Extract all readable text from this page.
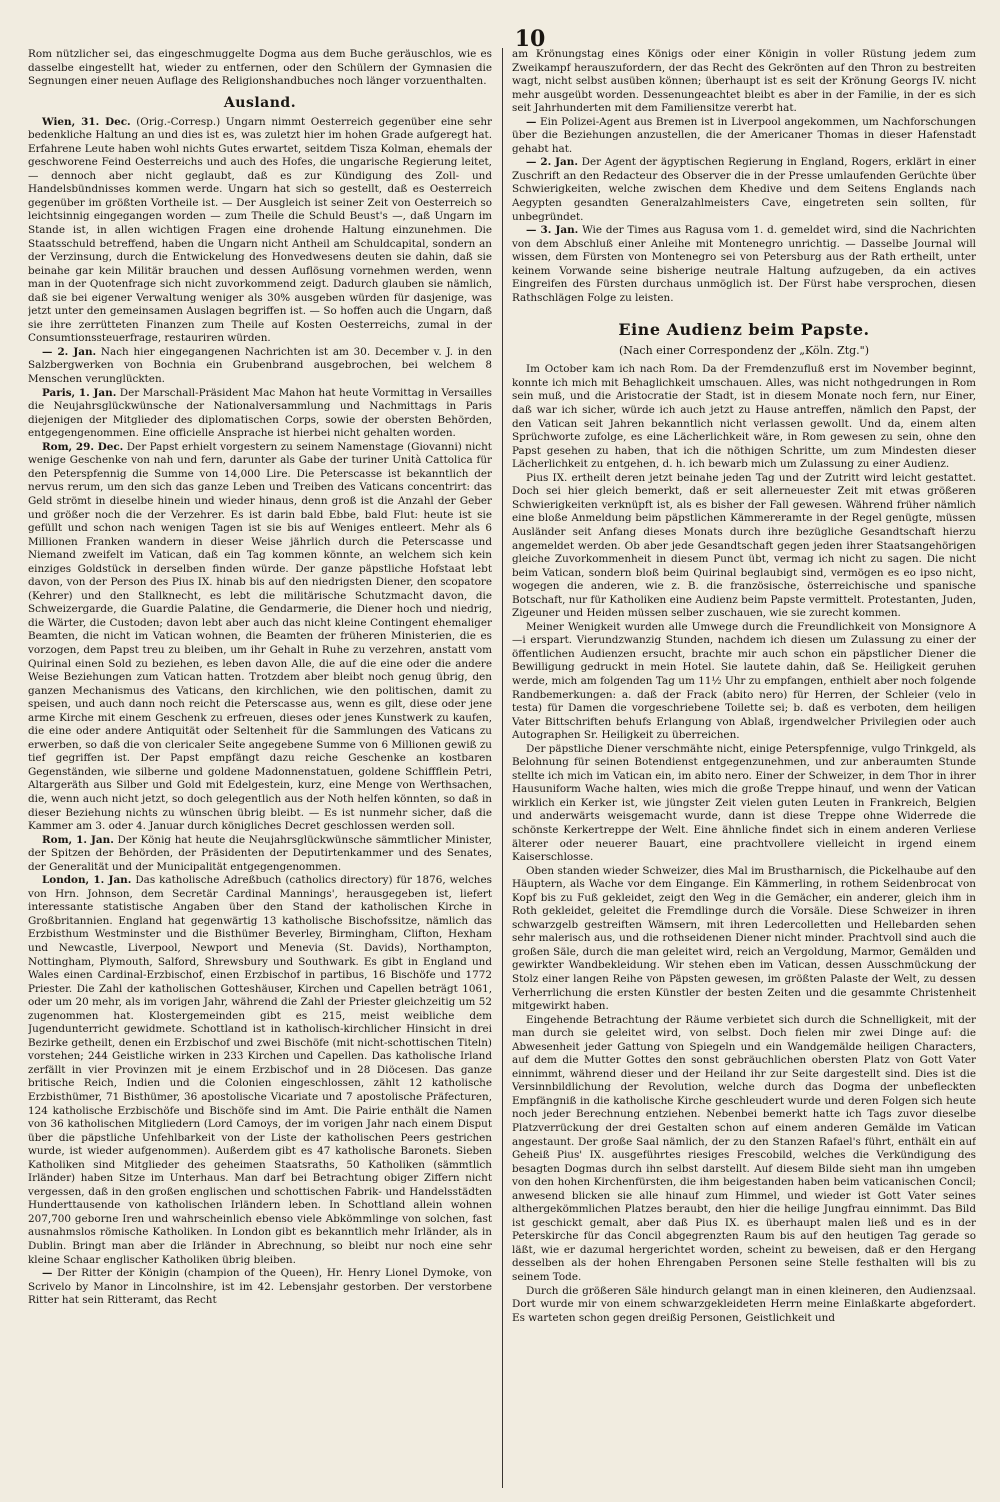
10

Rom nützlicher sei, das eingeschmuggelte Dogma aus dem Buche geräuschlos, wie es dasselbe eingestellt hat, wieder zu entfernen, oder den Schülern der Gymnasien die Segnungen einer neuen Auflage des Religionshandbuches noch länger vorzuenthalten.

Ausland.

Wien, 31. Dec. (Orig.-Corresp.) Ungarn nimmt Oesterreich gegenüber eine sehr bedenkliche Haltung an und dies ist es, was zuletzt hier im hohen Grade aufgeregt hat. Erfahrene Leute haben wohl nichts Gutes erwartet, seitdem Tisza Kolman, ehemals der geschworene Feind Oesterreichs und auch des Hofes, die ungarische Regierung leitet, — dennoch aber nicht geglaubt, daß es zur Kündigung des Zoll- und Handelsbündnisses kommen werde. Ungarn hat sich so gestellt, daß es Oesterreich gegenüber im größten Vortheile ist. — Der Ausgleich ist seiner Zeit von Oesterreich so leichtsinnig eingegangen worden — zum Theile die Schuld Beust's —, daß Ungarn im Stande ist, in allen wichtigen Fragen eine drohende Haltung einzunehmen. Die Staatsschuld betreffend, haben die Ungarn nicht Antheil am Schuldcapital, sondern an der Verzinsung, durch die Entwickelung des Honvedwesens deuten sie dahin, daß sie beinahe gar kein Militär brauchen und dessen Auflösung vornehmen werden, wenn man in der Quotenfrage sich nicht zuvorkommend zeigt. Dadurch glauben sie nämlich, daß sie bei eigener Verwaltung weniger als 30% ausgeben würden für dasjenige, was jetzt unter den gemeinsamen Auslagen begriffen ist. — So hoffen auch die Ungarn, daß sie ihre zerrütteten Finanzen zum Theile auf Kosten Oesterreichs, zumal in der Consumtionssteuerfrage, restauriren würden.

— 2. Jan. Nach hier eingegangenen Nachrichten ist am 30. December v. J. in den Salzbergwerken von Bochnia ein Grubenbrand ausgebrochen, bei welchem 8 Menschen verunglückten.

Paris, 1. Jan. Der Marschall-Präsident Mac Mahon hat heute Vormittag in Versailles die Neujahrsglückwünsche der Nationalversammlung und Nachmittags in Paris diejenigen der Mitglieder des diplomatischen Corps, sowie der obersten Behörden, entgegengenommen. Eine officielle Ansprache ist hierbei nicht gehalten worden.

Rom, 29. Dec. Der Papst erhielt vorgestern zu seinem Namenstage (Giovanni) nicht wenige Geschenke von nah und fern, darunter als Gabe der turiner Unità Cattolica für den Peterspfennig die Summe von 14,000 Lire. Die Peterscasse ist bekanntlich der nervus rerum, um den sich das ganze Leben und Treiben des Vaticans concentrirt: das Geld strömt in dieselbe hinein und wieder hinaus, denn groß ist die Anzahl der Geber und größer noch die der Verzehrer. Es ist darin bald Ebbe, bald Flut: heute ist sie gefüllt und schon nach wenigen Tagen ist sie bis auf Weniges entleert. Mehr als 6 Millionen Franken wandern in dieser Weise jährlich durch die Peterscasse und Niemand zweifelt im Vatican, daß ein Tag kommen könnte, an welchem sich kein einziges Goldstück in derselben finden würde. Der ganze päpstliche Hofstaat lebt davon, von der Person des Pius IX. hinab bis auf den niedrigsten Diener, den scopatore (Kehrer) und den Stallknecht, es lebt die militärische Schutzmacht davon, die Schweizergarde, die Guardie Palatine, die Gendarmerie, die Diener hoch und niedrig, die Wärter, die Custoden; davon lebt aber auch das nicht kleine Contingent ehemaliger Beamten, die nicht im Vatican wohnen, die Beamten der früheren Ministerien, die es vorzogen, dem Papst treu zu bleiben, um ihr Gehalt in Ruhe zu verzehren, anstatt vom Quirinal einen Sold zu beziehen, es leben davon Alle, die auf die eine oder die andere Weise Beziehungen zum Vatican hatten. Trotzdem aber bleibt noch genug übrig, den ganzen Mechanismus des Vaticans, den kirchlichen, wie den politischen, damit zu speisen, und auch dann noch reicht die Peterscasse aus, wenn es gilt, diese oder jene arme Kirche mit einem Geschenk zu erfreuen, dieses oder jenes Kunstwerk zu kaufen, die eine oder andere Antiquität oder Seltenheit für die Sammlungen des Vaticans zu erwerben, so daß die von clericaler Seite angegebene Summe von 6 Millionen gewiß zu tief gegriffen ist. Der Papst empfängt dazu reiche Geschenke an kostbaren Gegenständen, wie silberne und goldene Madonnenstatuen, goldene Schiffflein Petri, Altargeräth aus Silber und Gold mit Edelgestein, kurz, eine Menge von Werthsachen, die, wenn auch nicht jetzt, so doch gelegentlich aus der Noth helfen könnten, so daß in dieser Beziehung nichts zu wünschen übrig bleibt. — Es ist nunmehr sicher, daß die Kammer am 3. oder 4. Januar durch königliches Decret geschlossen werden soll.

Rom, 1. Jan. Der König hat heute die Neujahrsglückwünsche sämmtlicher Minister, der Spitzen der Behörden, der Präsidenten der Deputirtenkammer und des Senates, der Generalität und der Municipalität entgegengenommen.

London, 1. Jan. Das katholische Adreßbuch (catholics directory) für 1876, welches von Hrn. Johnson, dem Secretär Cardinal Mannings', herausgegeben ist, liefert interessante statistische Angaben über den Stand der katholischen Kirche in Großbritannien. England hat gegenwärtig 13 katholische Bischofssitze, nämlich das Erzbisthum Westminster und die Bisthümer Beverley, Birmingham, Clifton, Hexham und Newcastle, Liverpool, Newport und Menevia (St. Davids), Northampton, Nottingham, Plymouth, Salford, Shrewsbury und Southwark. Es gibt in England und Wales einen Cardinal-Erzbischof, einen Erzbischof in partibus, 16 Bischöfe und 1772 Priester. Die Zahl der katholischen Gotteshäuser, Kirchen und Capellen beträgt 1061, oder um 20 mehr, als im vorigen Jahr, während die Zahl der Priester gleichzeitig um 52 zugenommen hat. Klostergemeinden gibt es 215, meist weibliche dem Jugendunterricht gewidmete. Schottland ist in katholisch-kirchlicher Hinsicht in drei Bezirke getheilt, denen ein Erzbischof und zwei Bischöfe (mit nicht-schottischen Titeln) vorstehen; 244 Geistliche wirken in 233 Kirchen und Capellen. Das katholische Irland zerfällt in vier Provinzen mit je einem Erzbischof und in 28 Diöcesen. Das ganze britische Reich, Indien und die Colonien eingeschlossen, zählt 12 katholische Erzbisthümer, 71 Bisthümer, 36 apostolische Vicariate und 7 apostolische Präfecturen, 124 katholische Erzbischöfe und Bischöfe sind im Amt. Die Pairie enthält die Namen von 36 katholischen Mitgliedern (Lord Camoys, der im vorigen Jahr nach einem Disput über die päpstliche Unfehlbarkeit von der Liste der katholischen Peers gestrichen wurde, ist wieder aufgenommen). Außerdem gibt es 47 katholische Baronets. Sieben Katholiken sind Mitglieder des geheimen Staatsraths, 50 Katholiken (sämmtlich Irländer) haben Sitze im Unterhaus. Man darf bei Betrachtung obiger Ziffern nicht vergessen, daß in den großen englischen und schottischen Fabrik- und Handelsstädten Hunderttausende von katholischen Irländern leben. In Schottland allein wohnen 207,700 geborne Iren und wahrscheinlich ebenso viele Abkömmlinge von solchen, fast ausnahmslos römische Katholiken. In London gibt es bekanntlich mehr Irländer, als in Dublin. Bringt man aber die Irländer in Abrechnung, so bleibt nur noch eine sehr kleine Schaar englischer Katholiken übrig bleiben.

— Der Ritter der Königin (champion of the Queen), Hr. Henry Lionel Dymoke, von Scrivelo by Manor in Lincolnshire, ist im 42. Lebensjahr gestorben. Der verstorbene Ritter hat sein Ritteramt, das Recht

am Krönungstag eines Königs oder einer Königin in voller Rüstung jedem zum Zweikampf herauszufordern, der das Recht des Gekrönten auf den Thron zu bestreiten wagt, nicht selbst ausüben können; überhaupt ist es seit der Krönung Georgs IV. nicht mehr ausgeübt worden. Dessenungeachtet bleibt es aber in der Familie, in der es sich seit Jahrhunderten mit dem Familiensitze vererbt hat.

— Ein Polizei-Agent aus Bremen ist in Liverpool angekommen, um Nachforschungen über die Beziehungen anzustellen, die der Americaner Thomas in dieser Hafenstadt gehabt hat.

— 2. Jan. Der Agent der ägyptischen Regierung in England, Rogers, erklärt in einer Zuschrift an den Redacteur des Observer die in der Presse umlaufenden Gerüchte über Schwierigkeiten, welche zwischen dem Khedive und dem Seitens Englands nach Aegypten gesandten Generalzahlmeisters Cave, eingetreten sein sollten, für unbegründet.

— 3. Jan. Wie der Times aus Ragusa vom 1. d. gemeldet wird, sind die Nachrichten von dem Abschluß einer Anleihe mit Montenegro unrichtig. — Dasselbe Journal will wissen, dem Fürsten von Montenegro sei von Petersburg aus der Rath ertheilt, unter keinem Vorwande seine bisherige neutrale Haltung aufzugeben, da ein actives Eingreifen des Fürsten durchaus unmöglich ist. Der Fürst habe versprochen, diesen Rathschlägen Folge zu leisten.

Eine Audienz beim Papste.
(Nach einer Correspondenz der „Köln. Ztg.")

Im October kam ich nach Rom. Da der Fremdenzufluß erst im November beginnt, konnte ich mich mit Behaglichkeit umschauen. Alles, was nicht nothgedrungen in Rom sein muß, und die Aristocratie der Stadt, ist in diesem Monate noch fern, nur Einer, daß war ich sicher, würde ich auch jetzt zu Hause antreffen, nämlich den Papst, der den Vatican seit Jahren bekanntlich nicht verlassen gewollt. Und da, einem alten Sprüchworte zufolge, es eine Lächerlichkeit wäre, in Rom gewesen zu sein, ohne den Papst gesehen zu haben, that ich die nöthigen Schritte, um zum Mindesten dieser Lächerlichkeit zu entgehen, d. h. ich bewarb mich um Zulassung zu einer Audienz.

Pius IX. ertheilt deren jetzt beinahe jeden Tag und der Zutritt wird leicht gestattet. Doch sei hier gleich bemerkt, daß er seit allerneuester Zeit mit etwas größeren Schwierigkeiten verknüpft ist, als es bisher der Fall gewesen. Während früher nämlich eine bloße Anmeldung beim päpstlichen Kämmereramte in der Regel genügte, müssen Ausländer seit Anfang dieses Monats durch ihre bezügliche Gesandtschaft hierzu angemeldet werden. Ob aber jede Gesandtschaft gegen jeden ihrer Staatsangehörigen gleiche Zuvorkommenheit in diesem Punct übt, vermag ich nicht zu sagen. Die nicht beim Vatican, sondern bloß beim Quirinal beglaubigt sind, vermögen es eo ipso nicht, wogegen die anderen, wie z. B. die französische, österreichische und spanische Botschaft, nur für Katholiken eine Audienz beim Papste vermittelt. Protestanten, Juden, Zigeuner und Heiden müssen selber zuschauen, wie sie zurecht kommen.

Meiner Wenigkeit wurden alle Umwege durch die Freundlichkeit von Monsignore A—i erspart. Vierundzwanzig Stunden, nachdem ich diesen um Zulassung zu einer der öffentlichen Audienzen ersucht, brachte mir auch schon ein päpstlicher Diener die Bewilligung gedruckt in mein Hotel. Sie lautete dahin, daß Se. Heiligkeit geruhen werde, mich am folgenden Tag um 11½ Uhr zu empfangen, enthielt aber noch folgende Randbemerkungen: a. daß der Frack (abito nero) für Herren, der Schleier (velo in testa) für Damen die vorgeschriebene Toilette sei; b. daß es verboten, dem heiligen Vater Bittschriften behufs Erlangung von Ablaß, irgendwelcher Privilegien oder auch Autographen Sr. Heiligkeit zu überreichen.

Der päpstliche Diener verschmähte nicht, einige Peterspfennige, vulgo Trinkgeld, als Belohnung für seinen Botendienst entgegenzunehmen, und zur anberaumten Stunde stellte ich mich im Vatican ein, im abito nero. Einer der Schweizer, in dem Thor in ihrer Hausuniform Wache halten, wies mich die große Treppe hinauf, und wenn der Vatican wirklich ein Kerker ist, wie jüngster Zeit vielen guten Leuten in Frankreich, Belgien und anderwärts weisgemacht wurde, dann ist diese Treppe ohne Widerrede die schönste Kerkertreppe der Welt. Eine ähnliche findet sich in einem anderen Verliese älterer oder neuerer Bauart, eine prachtvollere vielleicht in irgend einem Kaiserschlosse.

Oben standen wieder Schweizer, dies Mal im Brustharnisch, die Pickelhaube auf den Häuptern, als Wache vor dem Eingange. Ein Kämmerling, in rothem Seidenbrocat von Kopf bis zu Fuß gekleidet, zeigt den Weg in die Gemächer, ein anderer, gleich ihm in Roth gekleidet, geleitet die Fremdlinge durch die Vorsäle. Diese Schweizer in ihren schwarzgelb gestreiften Wämsern, mit ihren Ledercolletten und Hellebarden sehen sehr malerisch aus, und die rothseidenen Diener nicht minder. Prachtvoll sind auch die großen Säle, durch die man geleitet wird, reich an Vergoldung, Marmor, Gemälden und gewirkter Wandbekleidung. Wir stehen eben im Vatican, dessen Ausschmückung der Stolz einer langen Reihe von Päpsten gewesen, im größten Palaste der Welt, zu dessen Verherrlichung die ersten Künstler der besten Zeiten und die gesammte Christenheit mitgewirkt haben.

Eingehende Betrachtung der Räume verbietet sich durch die Schnelligkeit, mit der man durch sie geleitet wird, von selbst. Doch fielen mir zwei Dinge auf: die Abwesenheit jeder Gattung von Spiegeln und ein Wandgemälde heiligen Characters, auf dem die Mutter Gottes den sonst gebräuchlichen obersten Platz von Gott Vater einnimmt, während dieser und der Heiland ihr zur Seite dargestellt sind. Dies ist die Versinnbildlichung der Revolution, welche durch das Dogma der unbefleckten Empfängniß in die katholische Kirche geschleudert wurde und deren Folgen sich heute noch jeder Berechnung entziehen. Nebenbei bemerkt hatte ich Tags zuvor dieselbe Platzverrückung der drei Gestalten schon auf einem anderen Gemälde im Vatican angestaunt. Der große Saal nämlich, der zu den Stanzen Rafael's führt, enthält ein auf Geheiß Pius' IX. ausgeführtes riesiges Frescobild, welches die Verkündigung des besagten Dogmas durch ihn selbst darstellt. Auf diesem Bilde sieht man ihn umgeben von den hohen Kirchenfürsten, die ihm beigestanden haben beim vaticanischen Concil; anwesend blicken sie alle hinauf zum Himmel, und wieder ist Gott Vater seines althergekömmlichen Platzes beraubt, den hier die heilige Jungfrau einnimmt. Das Bild ist geschickt gemalt, aber daß Pius IX. es überhaupt malen ließ und es in der Peterskirche für das Concil abgegrenzten Raum bis auf den heutigen Tag gerade so läßt, wie er dazumal hergerichtet worden, scheint zu beweisen, daß er den Hergang desselben als der hohen Ehrengaben Personen seine Stelle festhalten will bis zu seinem Tode.

Durch die größeren Säle hindurch gelangt man in einen kleineren, den Audienzsaal. Dort wurde mir von einem schwarzgekleideten Herrn meine Einlaßkarte abgefordert. Es warteten schon gegen dreißig Personen, Geistlichkeit und
